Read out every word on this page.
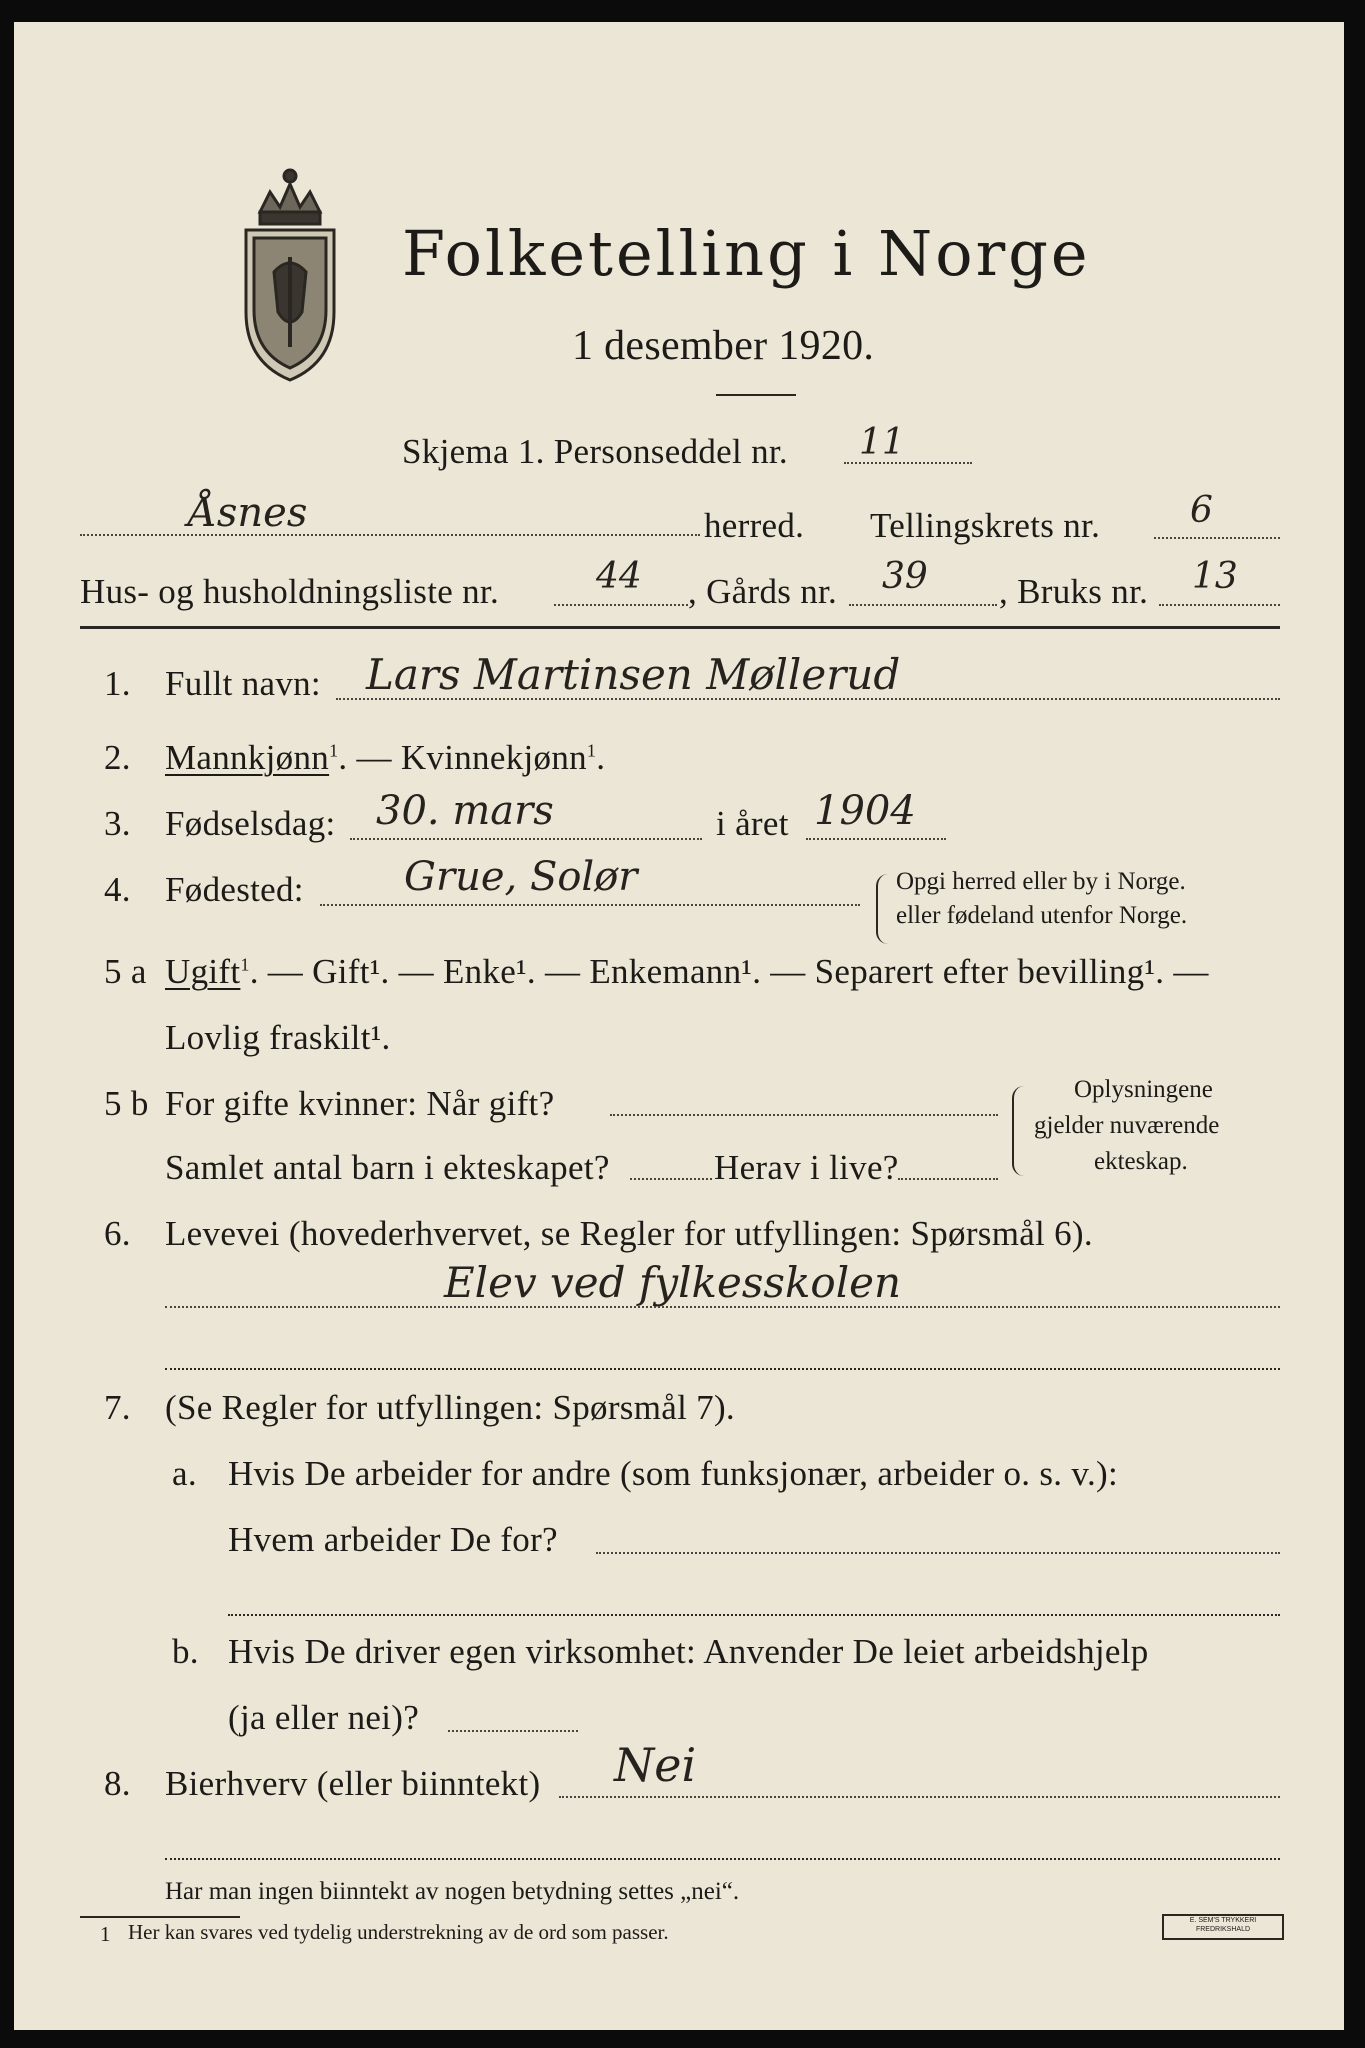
Folketelling i Norge
1 desember 1920.
Skjema 1. Personseddel nr. 11
Åsnes	herred. Tellingskrets nr. 6
Hus- og husholdningsliste nr.	44 , Gårds nr. 39 , Bruks nr. 13
1. Fullt navn: Lars Martinsen Møllerud
2. Mannkjønn$^1$. — Kvinnekjønn$^1$.
3. Fødselsdag: 30. mars	i året 1904
4. Fødested:	Grue, Solør	Opgi herred eller by i Norge.
eller fødeland utenfor Norge.
5 a Ugift$^1$. — Gift¹. — Enke¹. — Enkemann¹. — Separert efter bevilling¹. —
Lovlig fraskilt¹.
5 b For gifte kvinner: Når gift?
Samlet antal barn i ekteskapet?	Herav i live?
Oplysningene
gjelder nuværende
ekteskap.
6. Levevei (hovederhvervet, se Regler for utfyllingen: Spørsmål 6).
Elev ved fylkesskolen
7. (Se Regler for utfyllingen: Spørsmål 7).
a. Hvis De arbeider for andre (som funksjonær, arbeider o. s. v.):
Hvem arbeider De for?
b. Hvis De driver egen virksomhet: Anvender De leiet arbeidshjelp
(ja eller nei)?
8. Bierhverv (eller biinntekt) Nei
Har man ingen biinntekt av nogen betydning settes „nei“.
1 Her kan svares ved tydelig understrekning av de ord som passer.	E. SEM'S TRYKKERI
FREDRIKSHALD
